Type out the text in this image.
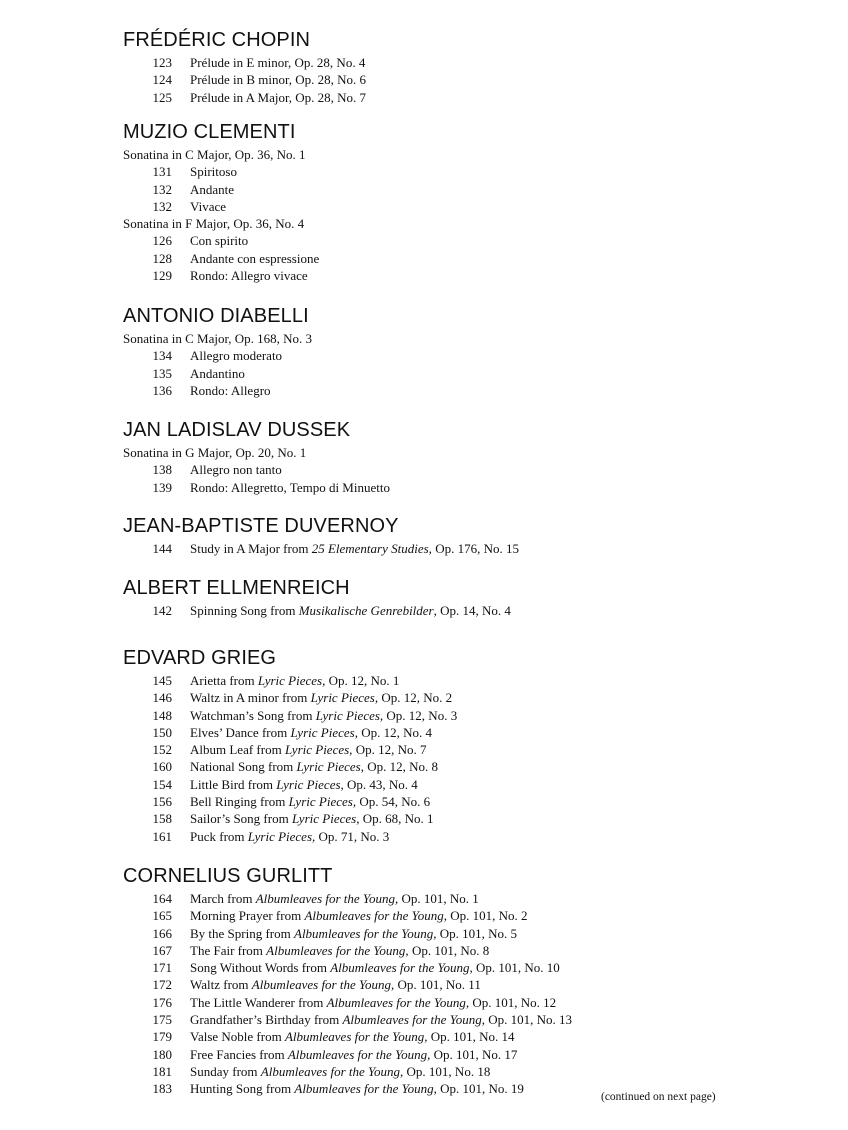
FRÉDÉRIC CHOPIN
123 Prélude in E minor, Op. 28, No. 4
124 Prélude in B minor, Op. 28, No. 6
125 Prélude in A Major, Op. 28, No. 7
MUZIO CLEMENTI
Sonatina in C Major, Op. 36, No. 1
131 Spiritoso
132 Andante
132 Vivace
Sonatina in F Major, Op. 36, No. 4
126 Con spirito
128 Andante con espressione
129 Rondo: Allegro vivace
ANTONIO DIABELLI
Sonatina in C Major, Op. 168, No. 3
134 Allegro moderato
135 Andantino
136 Rondo: Allegro
JAN LADISLAV DUSSEK
Sonatina in G Major, Op. 20, No. 1
138 Allegro non tanto
139 Rondo: Allegretto, Tempo di Minuetto
JEAN-BAPTISTE DUVERNOY
144 Study in A Major from 25 Elementary Studies, Op. 176, No. 15
ALBERT ELLMENREICH
142 Spinning Song from Musikalische Genrebilder, Op. 14, No. 4
EDVARD GRIEG
145 Arietta from Lyric Pieces, Op. 12, No. 1
146 Waltz in A minor from Lyric Pieces, Op. 12, No. 2
148 Watchman’s Song from Lyric Pieces, Op. 12, No. 3
150 Elves’ Dance from Lyric Pieces, Op. 12, No. 4
152 Album Leaf from Lyric Pieces, Op. 12, No. 7
160 National Song from Lyric Pieces, Op. 12, No. 8
154 Little Bird from Lyric Pieces, Op. 43, No. 4
156 Bell Ringing from Lyric Pieces, Op. 54, No. 6
158 Sailor’s Song from Lyric Pieces, Op. 68, No. 1
161 Puck from Lyric Pieces, Op. 71, No. 3
CORNELIUS GURLITT
164 March from Albumleaves for the Young, Op. 101, No. 1
165 Morning Prayer from Albumleaves for the Young, Op. 101, No. 2
166 By the Spring from Albumleaves for the Young, Op. 101, No. 5
167 The Fair from Albumleaves for the Young, Op. 101, No. 8
171 Song Without Words from Albumleaves for the Young, Op. 101, No. 10
172 Waltz from Albumleaves for the Young, Op. 101, No. 11
176 The Little Wanderer from Albumleaves for the Young, Op. 101, No. 12
175 Grandfather’s Birthday from Albumleaves for the Young, Op. 101, No. 13
179 Valse Noble from Albumleaves for the Young, Op. 101, No. 14
180 Free Fancies from Albumleaves for the Young, Op. 101, No. 17
181 Sunday from Albumleaves for the Young, Op. 101, No. 18
183 Hunting Song from Albumleaves for the Young, Op. 101, No. 19
(continued on next page)
